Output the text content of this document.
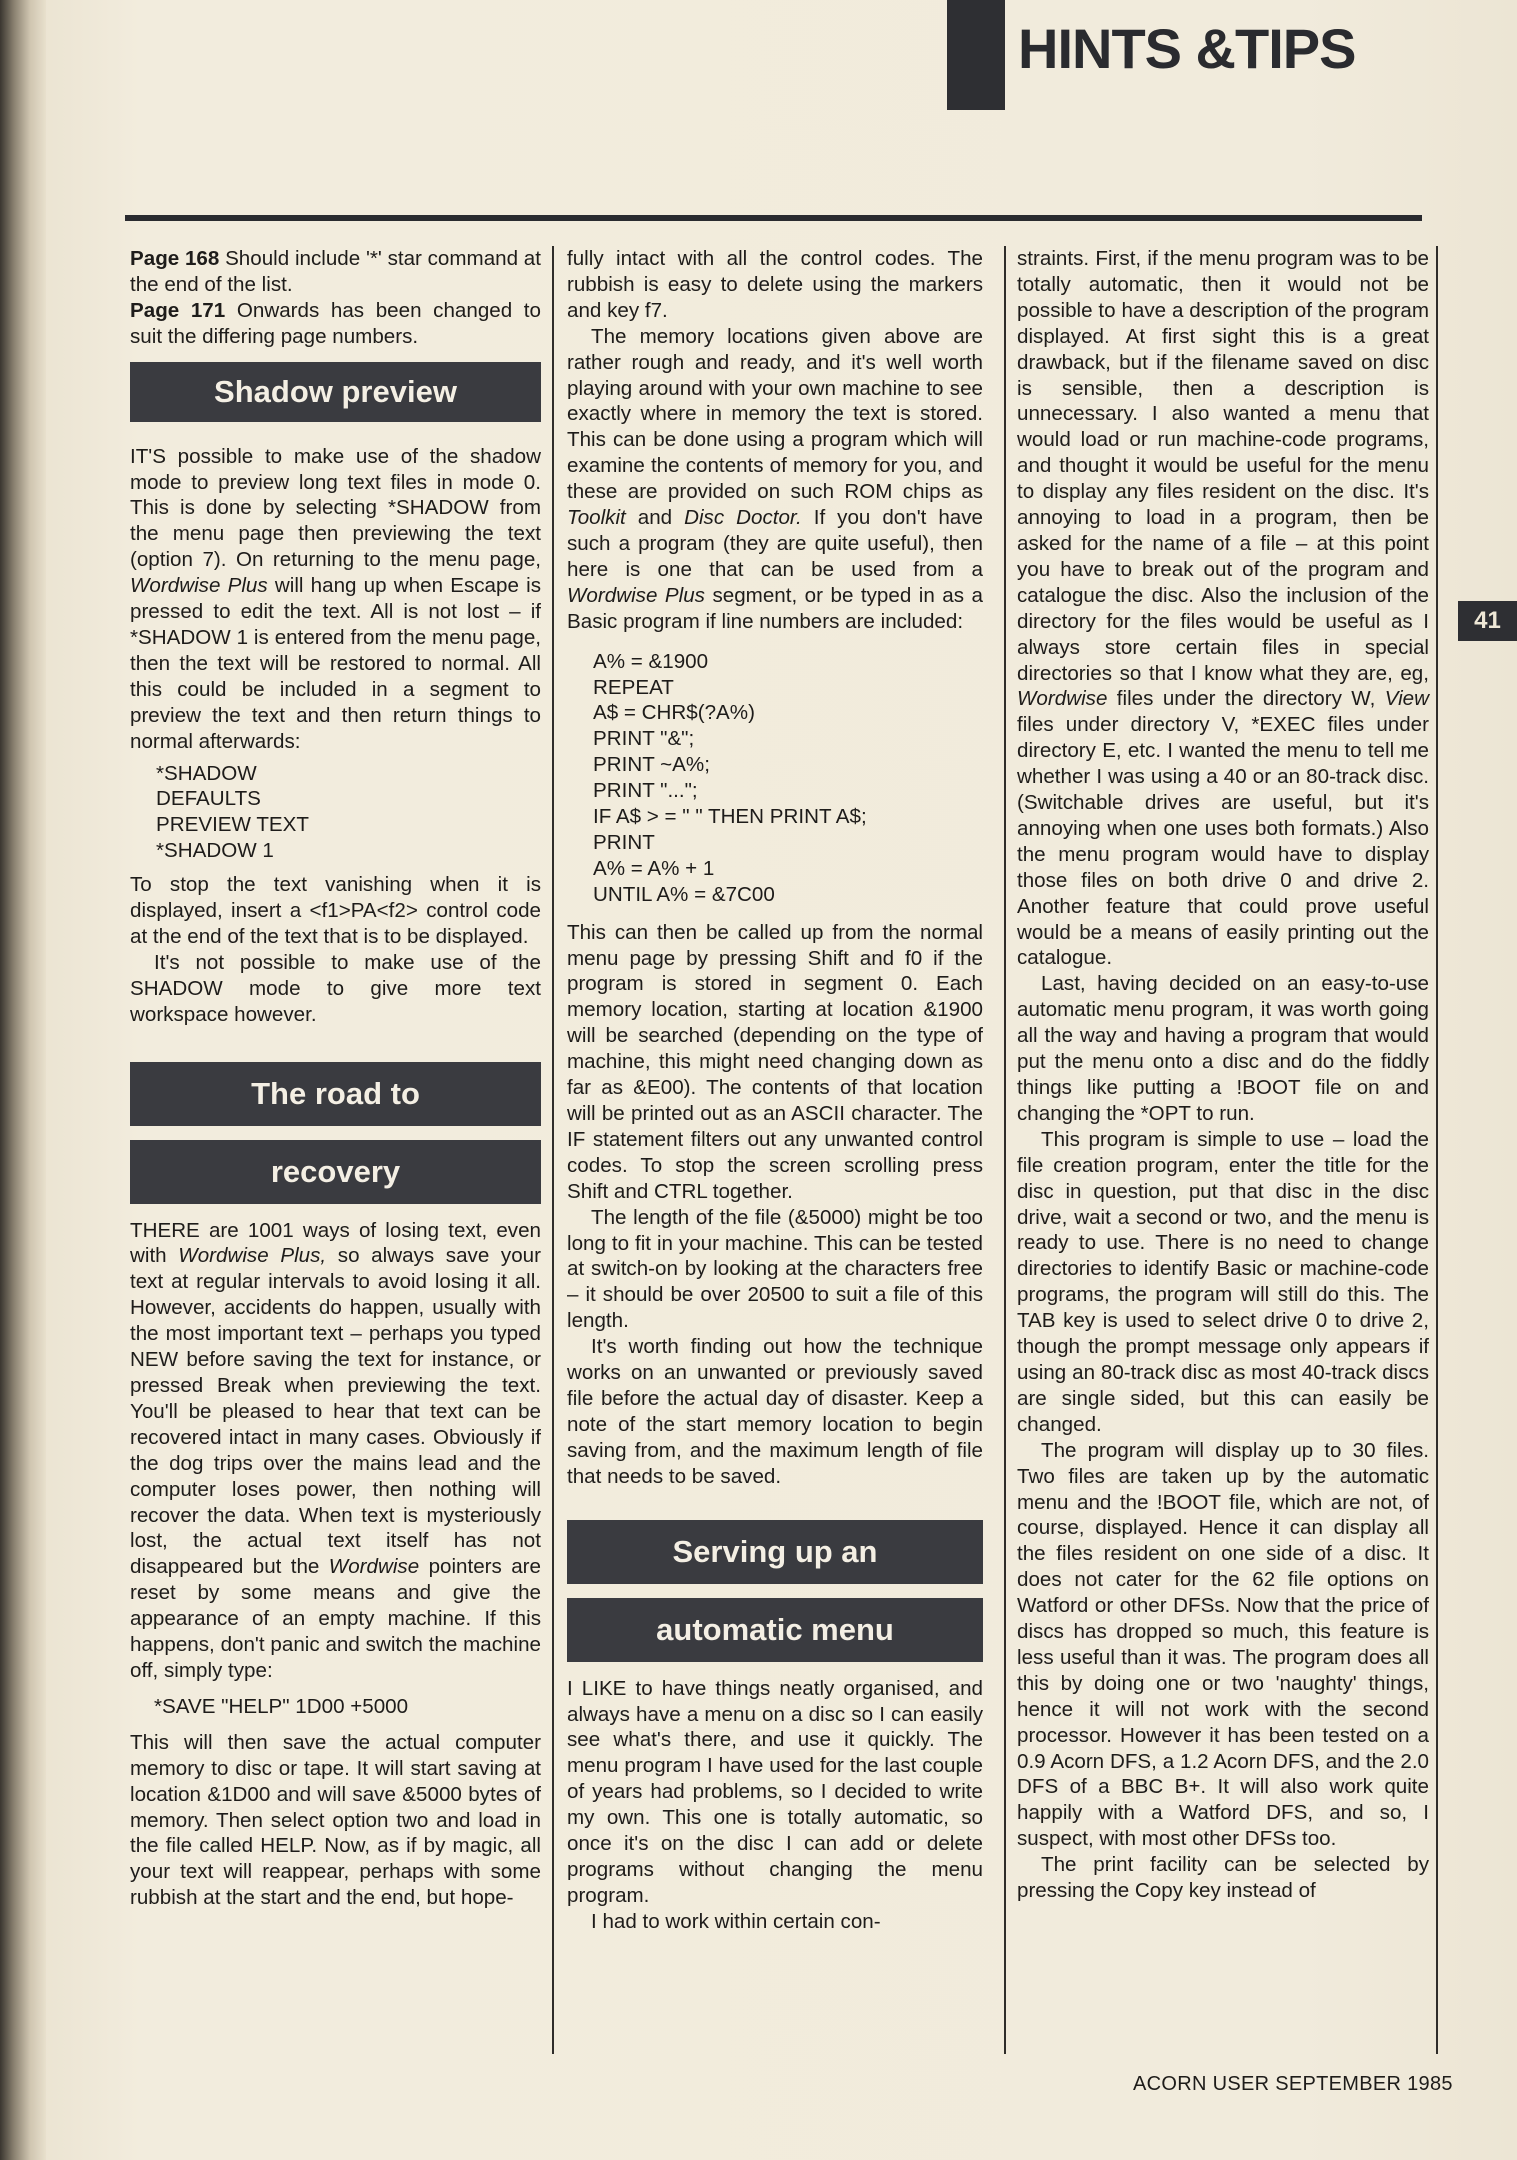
HINTS &TIPS
41

Page 168 Should include '*' star command at the end of the list.

Page 171 Onwards has been changed to suit the differing page numbers.

Shadow preview

IT'S possible to make use of the shadow mode to preview long text files in mode 0. This is done by selecting *SHADOW from the menu page then previewing the text (option 7). On returning to the menu page, Wordwise Plus will hang up when Escape is pressed to edit the text. All is not lost – if *SHADOW 1 is entered from the menu page, then the text will be restored to normal. All this could be included in a segment to preview the text and then return things to normal afterwards:

*SHADOW
DEFAULTS
PREVIEW TEXT
*SHADOW 1

To stop the text vanishing when it is displayed, insert a <f1>PA<f2> control code at the end of the text that is to be displayed.

It's not possible to make use of the SHADOW mode to give more text workspace however.

The road to
recovery

THERE are 1001 ways of losing text, even with Wordwise Plus, so always save your text at regular intervals to avoid losing it all. However, accidents do happen, usually with the most important text – perhaps you typed NEW before saving the text for instance, or pressed Break when previewing the text. You'll be pleased to hear that text can be recovered intact in many cases. Obviously if the dog trips over the mains lead and the computer loses power, then nothing will recover the data. When text is mysteriously lost, the actual text itself has not disappeared but the Wordwise pointers are reset by some means and give the appearance of an empty machine. If this happens, don't panic and switch the machine off, simply type:

*SAVE "HELP" 1D00 +5000

This will then save the actual computer memory to disc or tape. It will start saving at location &1D00 and will save &5000 bytes of memory. Then select option two and load in the file called HELP. Now, as if by magic, all your text will reappear, perhaps with some rubbish at the start and the end, but hope-

fully intact with all the control codes. The rubbish is easy to delete using the markers and key f7.

The memory locations given above are rather rough and ready, and it's well worth playing around with your own machine to see exactly where in memory the text is stored. This can be done using a program which will examine the contents of memory for you, and these are provided on such ROM chips as Toolkit and Disc Doctor. If you don't have such a program (they are quite useful), then here is one that can be used from a Wordwise Plus segment, or be typed in as a Basic program if line numbers are included:

A% = &1900
REPEAT
A$ = CHR$(?A%)
PRINT "&";
PRINT ~A%;
PRINT "...";
IF A$ > = " " THEN PRINT A$;
PRINT
A% = A% + 1
UNTIL A% = &7C00

This can then be called up from the normal menu page by pressing Shift and f0 if the program is stored in segment 0. Each memory location, starting at location &1900 will be searched (depending on the type of machine, this might need changing down as far as &E00). The contents of that location will be printed out as an ASCII character. The IF statement filters out any unwanted control codes. To stop the screen scrolling press Shift and CTRL together.

The length of the file (&5000) might be too long to fit in your machine. This can be tested at switch-on by looking at the characters free – it should be over 20500 to suit a file of this length.

It's worth finding out how the technique works on an unwanted or previously saved file before the actual day of disaster. Keep a note of the start memory location to begin saving from, and the maximum length of file that needs to be saved.

Serving up an
automatic menu

I LIKE to have things neatly organised, and always have a menu on a disc so I can easily see what's there, and use it quickly. The menu program I have used for the last couple of years had problems, so I decided to write my own. This one is totally automatic, so once it's on the disc I can add or delete programs without changing the menu program.

I had to work within certain con-

straints. First, if the menu program was to be totally automatic, then it would not be possible to have a description of the program displayed. At first sight this is a great drawback, but if the filename saved on disc is sensible, then a description is unnecessary. I also wanted a menu that would load or run machine-code programs, and thought it would be useful for the menu to display any files resident on the disc. It's annoying to load in a program, then be asked for the name of a file – at this point you have to break out of the program and catalogue the disc. Also the inclusion of the directory for the files would be useful as I always store certain files in special directories so that I know what they are, eg, Wordwise files under the directory W, View files under directory V, *EXEC files under directory E, etc. I wanted the menu to tell me whether I was using a 40 or an 80-track disc. (Switchable drives are useful, but it's annoying when one uses both formats.) Also the menu program would have to display those files on both drive 0 and drive 2. Another feature that could prove useful would be a means of easily printing out the catalogue.

Last, having decided on an easy-to-use automatic menu program, it was worth going all the way and having a program that would put the menu onto a disc and do the fiddly things like putting a !BOOT file on and changing the *OPT to run.

This program is simple to use – load the file creation program, enter the title for the disc in question, put that disc in the disc drive, wait a second or two, and the menu is ready to use. There is no need to change directories to identify Basic or machine-code programs, the program will still do this. The TAB key is used to select drive 0 to drive 2, though the prompt message only appears if using an 80-track disc as most 40-track discs are single sided, but this can easily be changed.

The program will display up to 30 files. Two files are taken up by the automatic menu and the !BOOT file, which are not, of course, displayed. Hence it can display all the files resident on one side of a disc. It does not cater for the 62 file options on Watford or other DFSs. Now that the price of discs has dropped so much, this feature is less useful than it was. The program does all this by doing one or two 'naughty' things, hence it will not work with the second processor. However it has been tested on a 0.9 Acorn DFS, a 1.2 Acorn DFS, and the 2.0 DFS of a BBC B+. It will also work quite happily with a Watford DFS, and so, I suspect, with most other DFSs too.

The print facility can be selected by pressing the Copy key instead of

ACORN USER SEPTEMBER 1985
